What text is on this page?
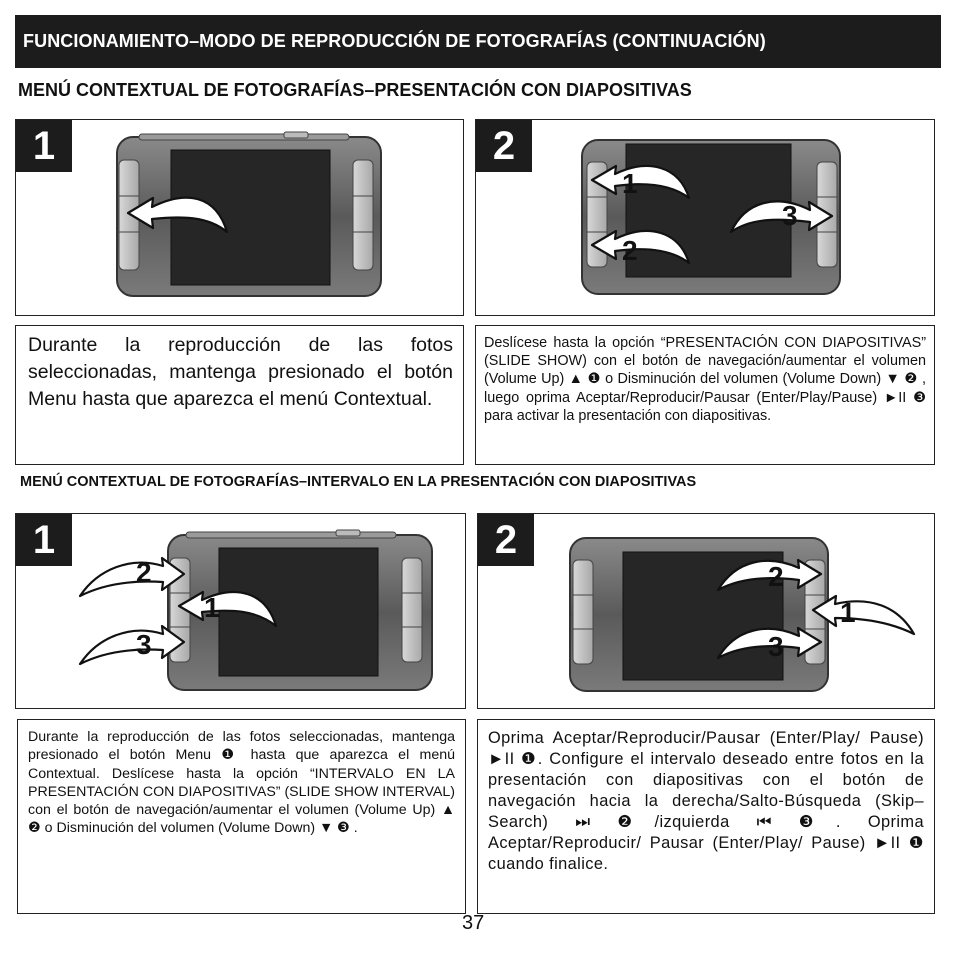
FUNCIONAMIENTO–MODO DE REPRODUCCIÓN DE FOTOGRAFÍAS (CONTINUACIÓN)
MENÚ CONTEXTUAL DE FOTOGRAFÍAS–PRESENTACIÓN CON DIAPOSITIVAS
1	2
1
2
3

Durante la reproducción de las fotos seleccionadas, mantenga presionado el botón Menu hasta que aparezca el menú Contextual.

Deslícese hasta la opción “PRESENTACIÓN CON DIAPOSITIVAS” (SLIDE SHOW) con el botón de navegación/aumentar el volumen (Volume Up) ▲ ❶ o Disminución del volumen (Volume Down) ▼ ❷ , luego oprima Aceptar/Reproducir/Pausar (Enter/Play/Pause) ►II ❸ para activar la presentación con diapositivas.

MENÚ CONTEXTUAL DE FOTOGRAFÍAS–INTERVALO EN LA PRESENTACIÓN CON DIAPOSITIVAS
1
1
2
3
2
1
2
3

Durante la reproducción de las fotos seleccionadas, mantenga presionado el botón Menu ❶ hasta que aparezca el menú Contextual. Deslícese hasta la opción “INTERVALO EN LA PRESENTACIÓN CON DIAPOSITIVAS” (SLIDE SHOW INTERVAL) con el botón de navegación/aumentar el volumen (Volume Up) ▲ ❷ o Disminución del volumen (Volume Down) ▼ ❸ .

Oprima Aceptar/Reproducir/Pausar (Enter/Play/ Pause) ►II ❶. Configure el intervalo deseado entre fotos en la presentación con diapositivas con el botón de navegación hacia la derecha/Salto-Búsqueda (Skip–Search) ⏭ ❷/izquierda ⏮ ❸. Oprima Aceptar/Reproducir/ Pausar (Enter/Play/ Pause) ►II ❶ cuando finalice.

37
